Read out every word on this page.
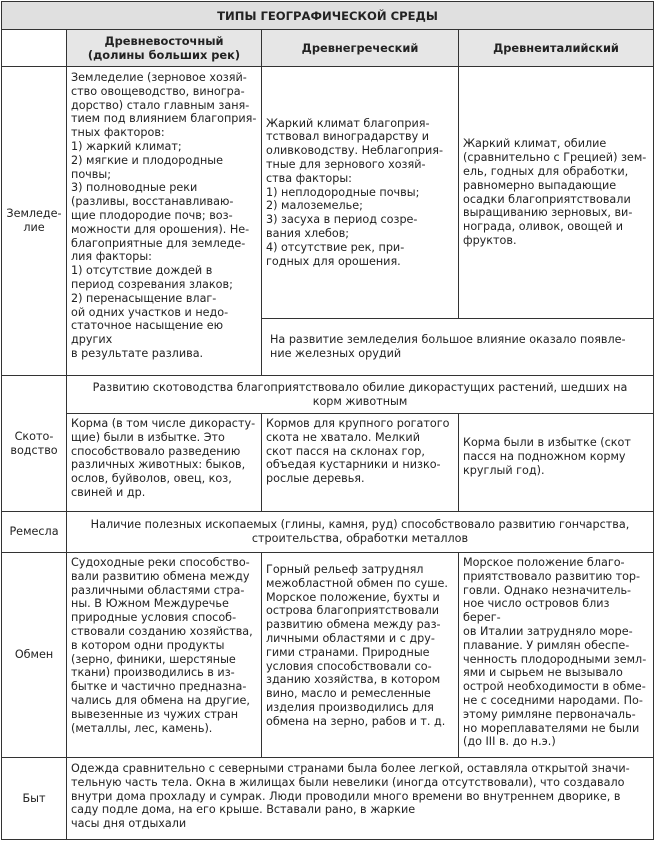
ТИПЫ ГЕОГРАФИЧЕСКОЙ СРЕДЫ
Древневосточный
(долины больших рек)	Древнегреческий	Древнеиталийский
Земледе-
лие
Земледелие (зерновое хозяй-
ство овощеводство, виногра-
дорство) стало главным заня-
тием под влиянием благоприя-
тных факторов:
1) жаркий климат;
2) мягкие и плодородные
почвы;
3) полноводные реки
(разливы, восстанавливаю-
щие плодородие почв; воз-
можности для орошения). Не-
благоприятные для земледе-
лия факторы:
1) отсутствие дождей в
период созревания злаков;
2) перенасыщение влаг-
ой одних участков и недо-
статочное насыщение ею других
в результате разлива.
Жаркий климат благоприя-
тствовал виноградарству и
оливководству. Неблагоприя-
тные для зернового хозяй-
ства факторы:
1) неплодородные почвы;
2) малоземелье;
3) засуха в период созре-
вания хлебов;
4) отсутствие рек, при-
годных для орошения.
Жаркий климат, обилие
(сравнительно с Грецией) зем-
ель, годных для обработки,
равномерно выпадающие
осадки благоприятствовали
выращиванию зерновых, ви-
нограда, оливок, овощей и
фруктов.
На развитие земледелия большое влияние оказало появле-
ние железных орудий
Ското-
водство
Развитию скотоводства благоприятствовало обилие дикорастущих растений, шедших на
корм животным
Корма (в том числе дикорасту-
щие) были в избытке. Это
способствовало разведению
различных животных: быков,
ослов, буйволов, овец, коз,
свиней и др.
Кормов для крупного рогатого
скота не хватало. Мелкий
скот пасся на склонах гор,
объедая кустарники и низко-
рослые деревья.
Корма были в избытке (скот
пасся на подножном корму
круглый год).
Ремесла
Наличие полезных ископаемых (глины, камня, руд) способствовало развитию гончарства,
строительства, обработки металлов
Обмен
Судоходные реки способство-
вали развитию обмена между
различными областями стра-
ны. В Южном Междуречье
природные условия способ-
ствовали созданию хозяйства,
в котором одни продукты
(зерно, финики, шерстяные
ткани) производились в из-
бытке и частично предназна-
чались для обмена на другие,
вывезенные из чужих стран
(металлы, лес, камень).
Горный рельеф затруднял
межобластной обмен по суше.
Морское положение, бухты и
острова благоприятствовали
развитию обмена между раз-
личными областями и с дру-
гими странами. Природные
условия способствовали со-
зданию хозяйства, в котором
вино, масло и ремесленные
изделия производились для
обмена на зерно, рабов и т. д.
Морское положение благо-
приятствовало развитию тор-
говли. Однако незначитель-
ное число островов близ берег-
ов Италии затрудняло море-
плавание. У римлян обеспе-
ченность плодородными земл-
ями и сырьем не вызывало
острой необходимости в обме-
не с соседними народами. По-
этому римляне первоначаль-
но мореплавателями не были
(до III в. до н.э.)
Быт
Одежда сравнительно с северными странами была более легкой, оставляла открытой значи-
тельную часть тела. Окна в жилищах были невелики (иногда отсутствовали), что создавало
внутри дома прохладу и сумрак. Люди проводили много времени во внутреннем дворике, в
саду подле дома, на его крыше. Вставали рано, в жаркие
часы дня отдыхали
